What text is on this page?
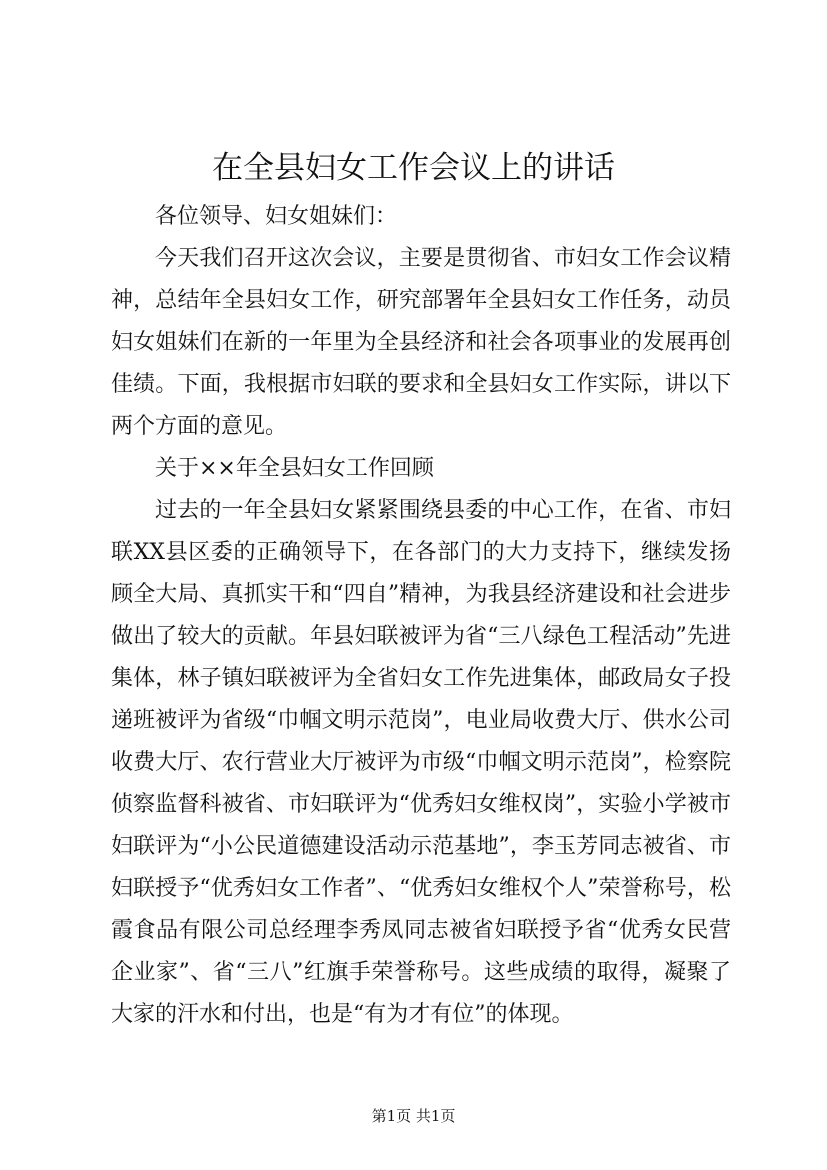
在全县妇女工作会议上的讲话

各位领导、妇女姐妹们：

今天我们召开这次会议，主要是贯彻省、市妇女工作会议精神，总结年全县妇女工作，研究部署年全县妇女工作任务，动员妇女姐妹们在新的一年里为全县经济和社会各项事业的发展再创佳绩。下面，我根据市妇联的要求和全县妇女工作实际，讲以下两个方面的意见。

关于××年全县妇女工作回顾

过去的一年全县妇女紧紧围绕县委的中心工作，在省、市妇联XX县区委的正确领导下，在各部门的大力支持下，继续发扬顾全大局、真抓实干和“四自”精神，为我县经济建设和社会进步做出了较大的贡献。年县妇联被评为省“三八绿色工程活动”先进集体，林子镇妇联被评为全省妇女工作先进集体，邮政局女子投递班被评为省级“巾帼文明示范岗”，电业局收费大厅、供水公司收费大厅、农行营业大厅被评为市级“巾帼文明示范岗”，检察院侦察监督科被省、市妇联评为“优秀妇女维权岗”，实验小学被市妇联评为“小公民道德建设活动示范基地”，李玉芳同志被省、市妇联授予“优秀妇女工作者”、“优秀妇女维权个人”荣誉称号，松霞食品有限公司总经理李秀凤同志被省妇联授予省“优秀女民营企业家”、省“三八”红旗手荣誉称号。这些成绩的取得，凝聚了大家的汗水和付出，也是“有为才有位”的体现。

第1页 共1页
